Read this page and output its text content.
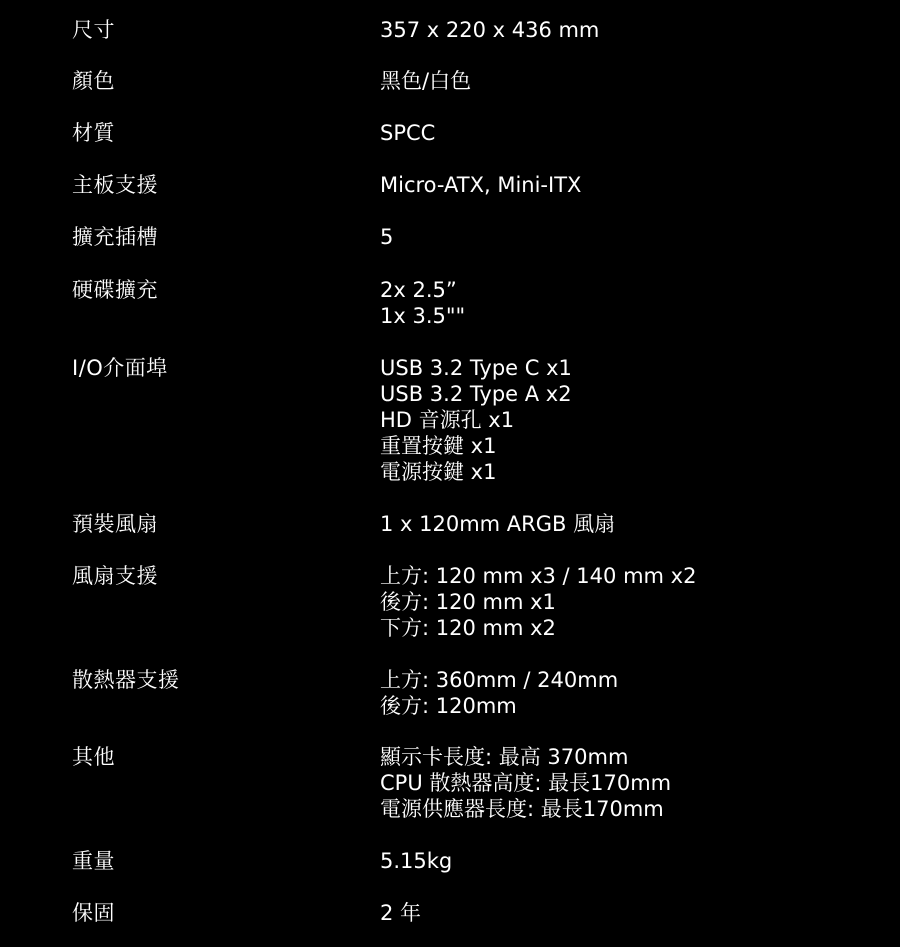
尺寸	357 x 220 x 436 mm
顏色	黑色/白色
材質	SPCC
主板支援	Micro-ATX, Mini-ITX
擴充插槽	5
硬碟擴充	2x 2.5”
1x 3.5""
I/O介面埠	USB 3.2 Type C x1
USB 3.2 Type A x2
HD 音源孔 x1
重置按鍵 x1
電源按鍵 x1
預裝風扇	1 x 120mm ARGB 風扇
風扇支援	上方: 120 mm x3 / 140 mm x2
後方: 120 mm x1
下方: 120 mm x2
散熱器支援	上方: 360mm / 240mm
後方: 120mm
其他	顯示卡長度: 最高 370mm
CPU 散熱器高度: 最長170mm
電源供應器長度: 最長170mm
重量	5.15kg
保固	2 年
